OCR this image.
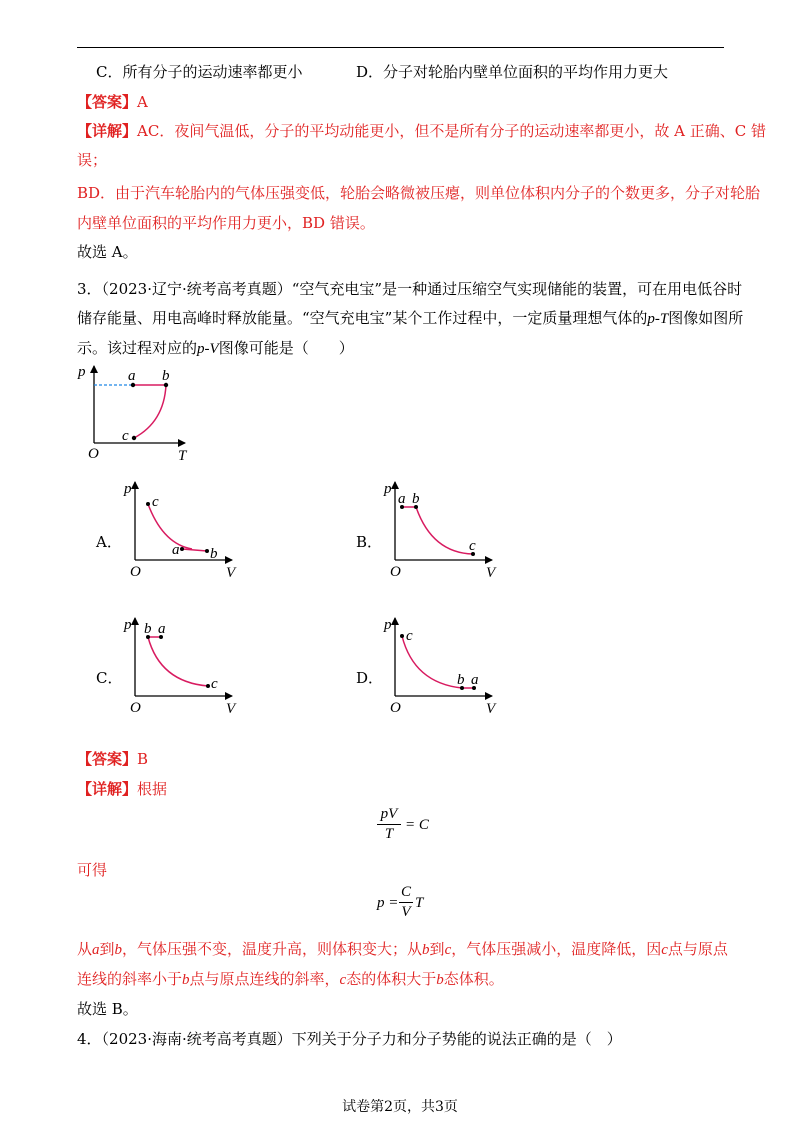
C．所有分子的运动速率都更小	D．分子对轮胎内壁单位面积的平均作用力更大
【答案】A
【详解】AC．夜间气温低，分子的平均动能更小，但不是所有分子的运动速率都更小，故 A 正确、C 错
误；
BD．由于汽车轮胎内的气体压强变低，轮胎会略微被压瘪，则单位体积内分子的个数更多，分子对轮胎
内壁单位面积的平均作用力更小，BD 错误。
故选 A。
3．（2023·辽宁·统考高考真题）“空气充电宝”是一种通过压缩空气实现储能的装置，可在用电低谷时
储存能量、用电高峰时释放能量。“空气充电宝”某个工作过程中，一定质量理想气体的p-T图像如图所
示。该过程对应的p-V图像可能是（　　）
p
T
O
a b
c
A．
p
V
O
c
a b
B．
p
V
O
a b
c
C．
p
V
O
b a
c	D．
p
V
O
c
b a
【答案】B
【详解】根据
pV
T
= C
可得
p =
C
V
T
从a到b，气体压强不变，温度升高，则体积变大；从b到c，气体压强减小，温度降低，因c点与原点
连线的斜率小于b点与原点连线的斜率，c态的体积大于b态体积。
故选 B。
4．（2023·海南·统考高考真题）下列关于分子力和分子势能的说法正确的是（　）
试卷第2页，共3页
